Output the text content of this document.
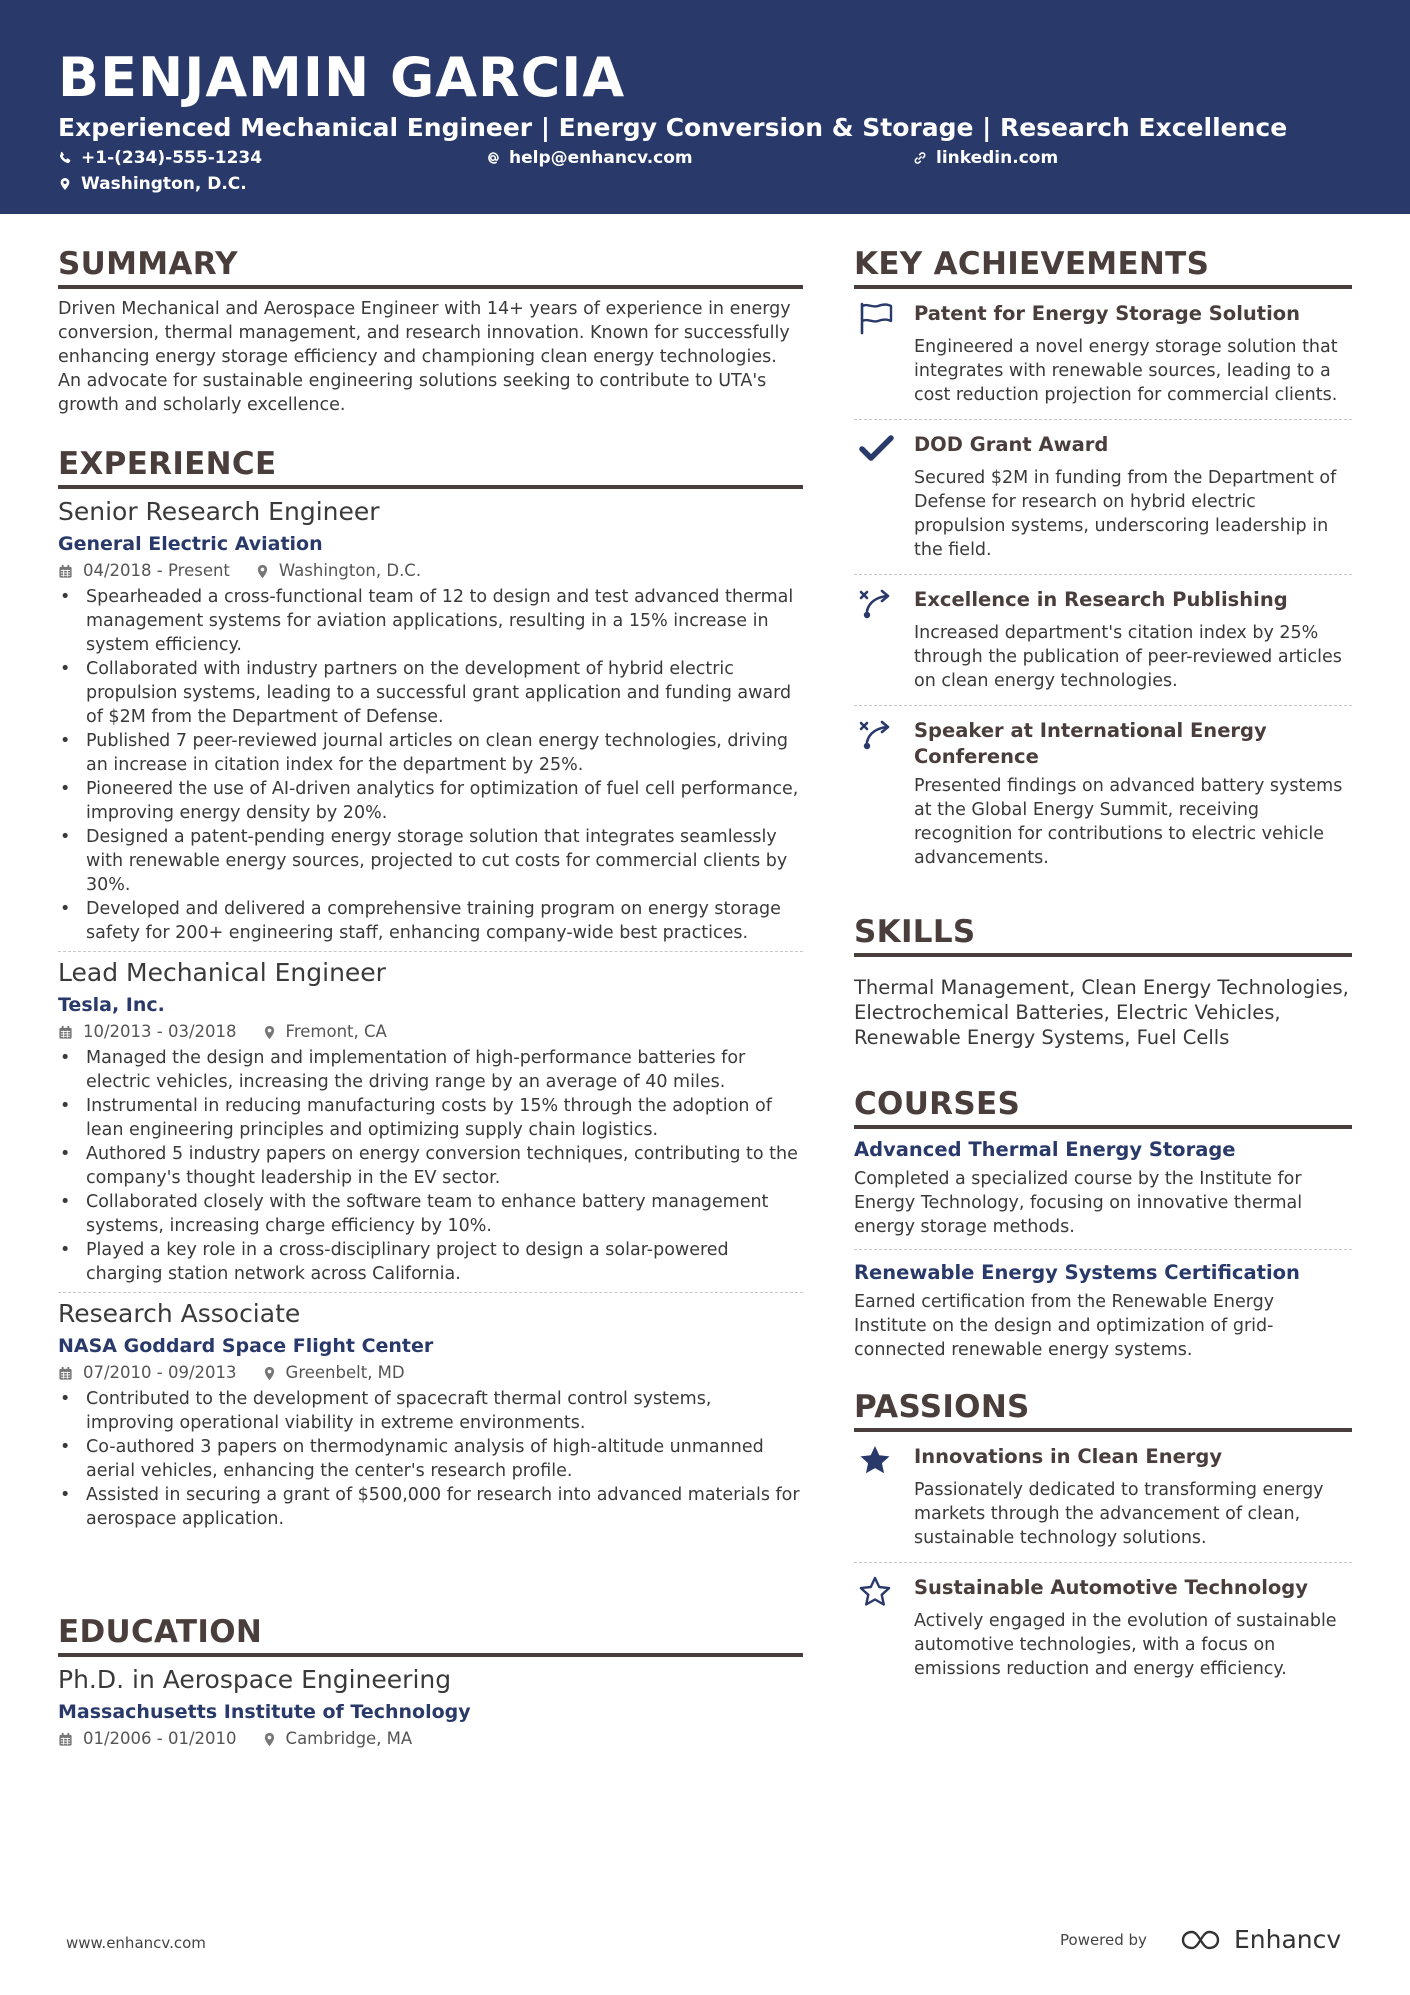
BENJAMIN GARCIA
Experienced Mechanical Engineer | Energy Conversion & Storage | Research Excellence
+1-(234)-555-1234	help@enhancv.com	linkedin.com
Washington, D.C.
SUMMARY
Driven Mechanical and Aerospace Engineer with 14+ years of experience in energy conversion, thermal management, and research innovation. Known for successfully enhancing energy storage efficiency and championing clean energy technologies. An advocate for sustainable engineering solutions seeking to contribute to UTA's growth and scholarly excellence.
EXPERIENCE
Senior Research Engineer
General Electric Aviation
04/2018 - Present	Washington, D.C.
• Spearheaded a cross-functional team of 12 to design and test advanced thermal management systems for aviation applications, resulting in a 15% increase in system efficiency.
• Collaborated with industry partners on the development of hybrid electric propulsion systems, leading to a successful grant application and funding award of $2M from the Department of Defense.
• Published 7 peer-reviewed journal articles on clean energy technologies, driving an increase in citation index for the department by 25%.
• Pioneered the use of AI-driven analytics for optimization of fuel cell performance, improving energy density by 20%.
• Designed a patent-pending energy storage solution that integrates seamlessly with renewable energy sources, projected to cut costs for commercial clients by 30%.
• Developed and delivered a comprehensive training program on energy storage safety for 200+ engineering staff, enhancing company-wide best practices.
Lead Mechanical Engineer
Tesla, Inc.
10/2013 - 03/2018	Fremont, CA
• Managed the design and implementation of high-performance batteries for electric vehicles, increasing the driving range by an average of 40 miles.
• Instrumental in reducing manufacturing costs by 15% through the adoption of lean engineering principles and optimizing supply chain logistics.
• Authored 5 industry papers on energy conversion techniques, contributing to the company's thought leadership in the EV sector.
• Collaborated closely with the software team to enhance battery management systems, increasing charge efficiency by 10%.
• Played a key role in a cross-disciplinary project to design a solar-powered charging station network across California.
Research Associate
NASA Goddard Space Flight Center
07/2010 - 09/2013	Greenbelt, MD
• Contributed to the development of spacecraft thermal control systems, improving operational viability in extreme environments.
• Co-authored 3 papers on thermodynamic analysis of high-altitude unmanned aerial vehicles, enhancing the center's research profile.
• Assisted in securing a grant of $500,000 for research into advanced materials for aerospace application.
EDUCATION
Ph.D. in Aerospace Engineering
Massachusetts Institute of Technology
01/2006 - 01/2010	Cambridge, MA
KEY ACHIEVEMENTS
Patent for Energy Storage Solution
Engineered a novel energy storage solution that integrates with renewable sources, leading to a cost reduction projection for commercial clients.
DOD Grant Award
Secured $2M in funding from the Department of Defense for research on hybrid electric propulsion systems, underscoring leadership in the field.
Excellence in Research Publishing
Increased department's citation index by 25% through the publication of peer-reviewed articles on clean energy technologies.
Speaker at International Energy Conference
Presented findings on advanced battery systems at the Global Energy Summit, receiving recognition for contributions to electric vehicle advancements.
SKILLS
Thermal Management, Clean Energy Technologies, Electrochemical Batteries, Electric Vehicles, Renewable Energy Systems, Fuel Cells
COURSES
Advanced Thermal Energy Storage
Completed a specialized course by the Institute for Energy Technology, focusing on innovative thermal energy storage methods.
Renewable Energy Systems Certification
Earned certification from the Renewable Energy Institute on the design and optimization of grid-connected renewable energy systems.
PASSIONS
Innovations in Clean Energy
Passionately dedicated to transforming energy markets through the advancement of clean, sustainable technology solutions.
Sustainable Automotive Technology
Actively engaged in the evolution of sustainable automotive technologies, with a focus on emissions reduction and energy efficiency.
www.enhancv.com	Powered by	Enhancv
